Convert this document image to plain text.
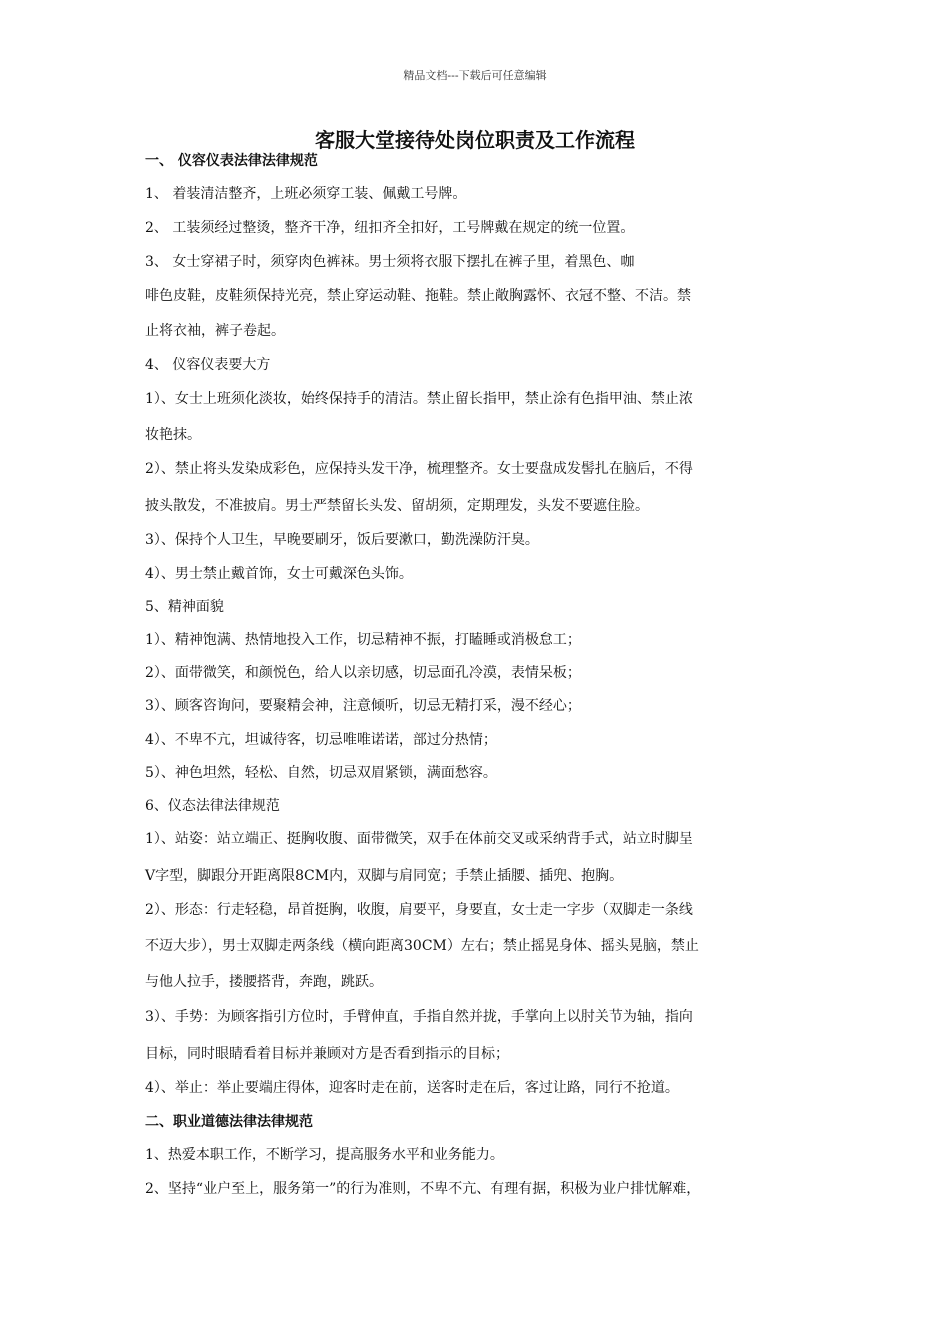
精品文档---下载后可任意编辑
客服大堂接待处岗位职责及工作流程
一、 仪容仪表法律法律规范
1、 着装清洁整齐，上班必须穿工装、佩戴工号牌。
2、 工装须经过整烫，整齐干净，纽扣齐全扣好，工号牌戴在规定的统一位置。
3、 女士穿裙子时，须穿肉色裤袜。男士须将衣服下摆扎在裤子里，着黑色、咖
啡色皮鞋，皮鞋须保持光亮，禁止穿运动鞋、拖鞋。禁止敞胸露怀、衣冠不整、不洁。禁
止将衣袖，裤子卷起。
4、 仪容仪表要大方
1）、女士上班须化淡妆，始终保持手的清洁。禁止留长指甲，禁止涂有色指甲油、禁止浓
妆艳抹。
2）、禁止将头发染成彩色，应保持头发干净，梳理整齐。女士要盘成发髻扎在脑后，不得
披头散发，不准披肩。男士严禁留长头发、留胡须，定期理发，头发不要遮住脸。
3）、保持个人卫生，早晚要刷牙，饭后要漱口，勤洗澡防汗臭。
4）、男士禁止戴首饰，女士可戴深色头饰。
5、精神面貌
1）、精神饱满、热情地投入工作，切忌精神不振，打瞌睡或消极怠工；
2）、面带微笑，和颜悦色，给人以亲切感，切忌面孔冷漠，表情呆板；
3）、顾客咨询问，要聚精会神，注意倾听，切忌无精打采，漫不经心；
4）、不卑不亢，坦诚待客，切忌唯唯诺诺，部过分热情；
5）、神色坦然，轻松、自然，切忌双眉紧锁，满面愁容。
6、仪态法律法律规范
1）、站姿：站立端正、挺胸收腹、面带微笑，双手在体前交叉或采纳背手式，站立时脚呈
V字型，脚跟分开距离限8CM内，双脚与肩同宽；手禁止插腰、插兜、抱胸。
2）、形态：行走轻稳，昂首挺胸，收腹，肩要平，身要直，女士走一字步（双脚走一条线
不迈大步），男士双脚走两条线（横向距离30CM）左右；禁止摇晃身体、摇头晃脑，禁止
与他人拉手，搂腰搭背，奔跑，跳跃。
3）、手势：为顾客指引方位时，手臂伸直，手指自然并拢，手掌向上以肘关节为轴，指向
目标，同时眼睛看着目标并兼顾对方是否看到指示的目标；
4）、举止：举止要端庄得体，迎客时走在前，送客时走在后，客过让路，同行不抢道。
二、职业道德法律法律规范
1、热爱本职工作，不断学习，提高服务水平和业务能力。
2、坚持“业户至上，服务第一”的行为准则，不卑不亢、有理有据，积极为业户排忧解难，
